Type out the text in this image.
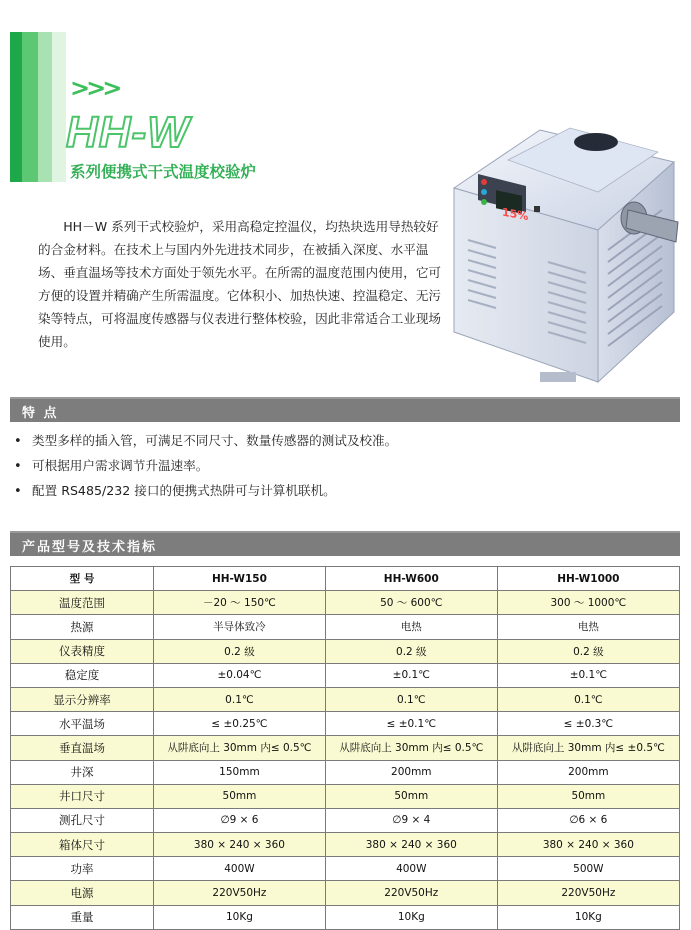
>>>
HH-W
系列便携式干式温度校验炉

HH－W 系列干式校验炉，采用高稳定控温仪，均热块选用导热较好的合金材料。在技术上与国内外先进技术同步，在被插入深度、水平温场、垂直温场等技术方面处于领先水平。在所需的温度范围内使用，它可方便的设置并精确产生所需温度。它体积小、加热快速、控温稳定、无污染等特点，可将温度传感器与仪表进行整体校验，因此非常适合工业现场使用。

15%
特 点
• 类型多样的插入管，可满足不同尺寸、数量传感器的测试及校准。
• 可根据用户需求调节升温速率。
• 配置 RS485/232 接口的便携式热阱可与计算机联机。
产品型号及技术指标
型 号	HH-W150	HH-W600	HH-W1000
温度范围	－20 ～ 150℃	50 ～ 600℃	300 ～ 1000℃
热源	半导体致冷	电热	电热
仪表精度	0.2 级	0.2 级	0.2 级
稳定度	±0.04℃	±0.1℃	±0.1℃
显示分辨率	0.1℃	0.1℃	0.1℃
水平温场	≤ ±0.25℃	≤ ±0.1℃	≤ ±0.3℃
垂直温场	从阱底向上 30mm 内≤ 0.5℃	从阱底向上 30mm 内≤ 0.5℃	从阱底向上 30mm 内≤ ±0.5℃
井深	150mm	200mm	200mm
井口尺寸	50mm	50mm	50mm
测孔尺寸	∅9 × 6	∅9 × 4	∅6 × 6
箱体尺寸	380 × 240 × 360	380 × 240 × 360	380 × 240 × 360
功率	400W	400W	500W
电源	220V50Hz	220V50Hz	220V50Hz
重量	10Kg	10Kg	10Kg
